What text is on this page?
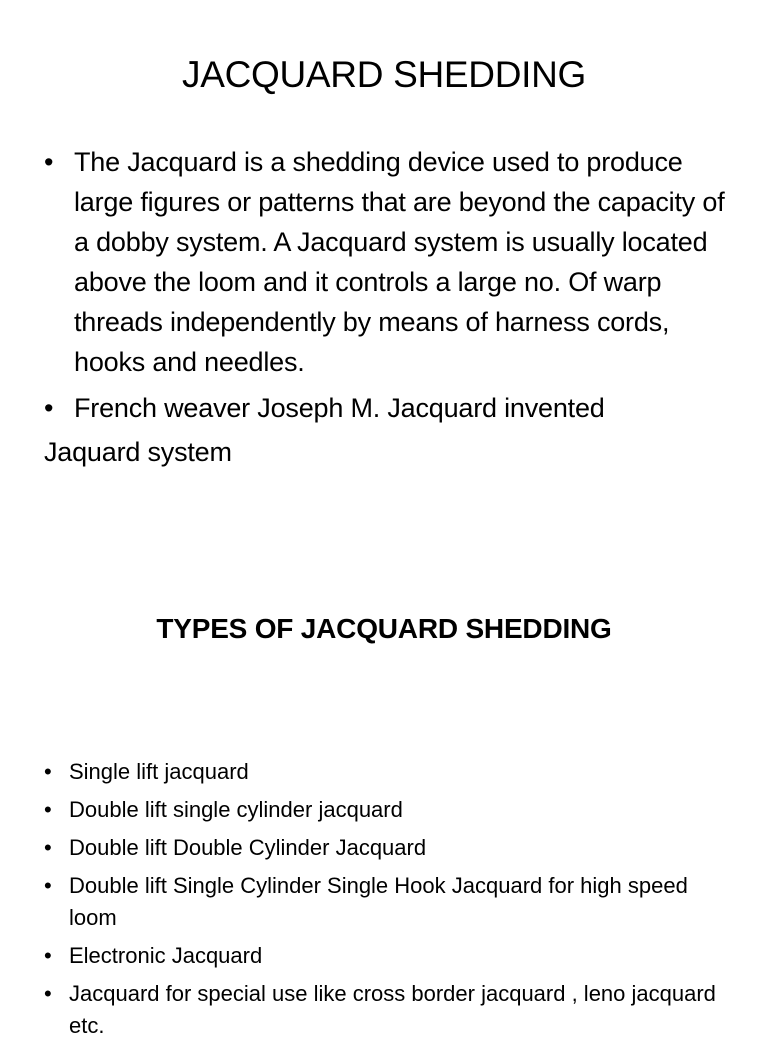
JACQUARD SHEDDING
• The Jacquard is a shedding device used to produce large figures or patterns that are beyond the capacity of a dobby system. A Jacquard system is usually located above the loom and it controls a large no. Of warp threads independently by means of harness cords, hooks and needles.
• French weaver Joseph M. Jacquard invented
Jaquard system
TYPES OF JACQUARD SHEDDING
• Single lift jacquard
• Double lift single cylinder jacquard
• Double lift Double Cylinder Jacquard
• Double lift Single Cylinder Single Hook Jacquard for high speed loom
• Electronic Jacquard
• Jacquard for special use like cross border jacquard , leno jacquard etc.
